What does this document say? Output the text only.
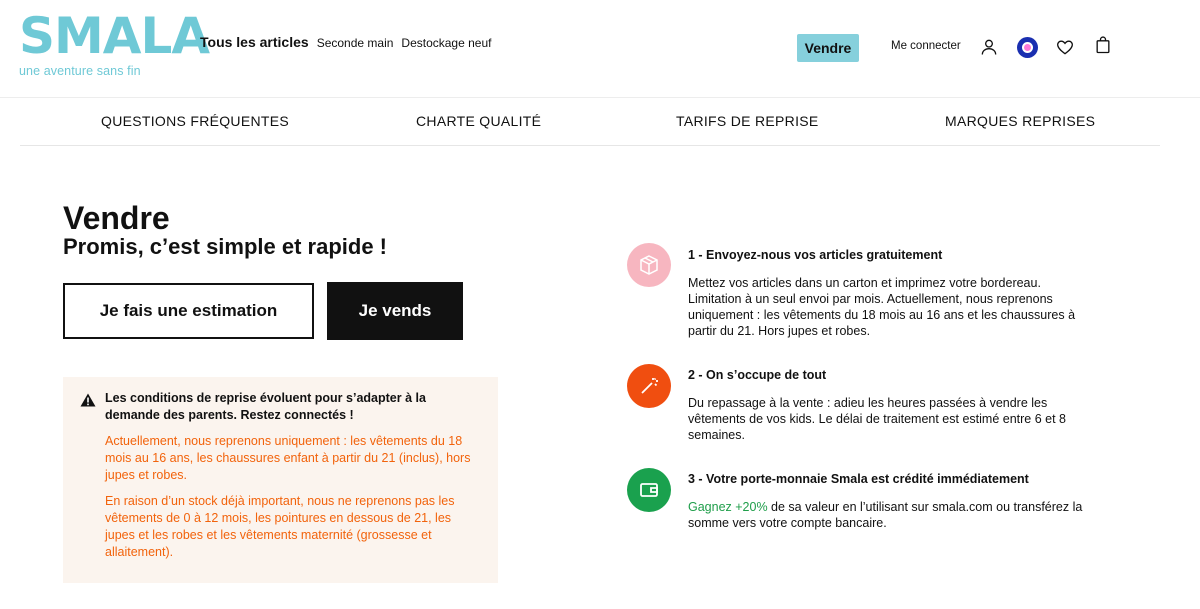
SMALA
une aventure sans fin
Tous les articles Seconde main Destockage neuf	Vendre	Me connecter
QUESTIONS FRÉQUENTES	CHARTE QUALITÉ	TARIFS DE REPRISE	MARQUES REPRISES
Vendre
Promis, c’est simple et rapide !
Je fais une estimation	Je vends

Les conditions de reprise évoluent pour s’adapter à la demande des parents. Restez connectés !

Actuellement, nous reprenons uniquement : les vêtements du 18 mois au 16 ans, les chaussures enfant à partir du 21 (inclus), hors jupes et robes.

En raison d’un stock déjà important, nous ne reprenons pas les vêtements de 0 à 12 mois, les pointures en dessous de 21, les jupes et les robes et les vêtements maternité (grossesse et allaitement).

1 - Envoyez-nous vos articles gratuitement

Mettez vos articles dans un carton et imprimez votre bordereau. Limitation à un seul envoi par mois. Actuellement, nous reprenons uniquement : les vêtements du 18 mois au 16 ans et les chaussures à partir du 21. Hors jupes et robes.

2 - On s’occupe de tout

Du repassage à la vente : adieu les heures passées à vendre les vêtements de vos kids. Le délai de traitement est estimé entre 6 et 8 semaines.

3 - Votre porte-monnaie Smala est crédité immédiatement

Gagnez +20% de sa valeur en l’utilisant sur smala.com ou transférez la somme vers votre compte bancaire.
